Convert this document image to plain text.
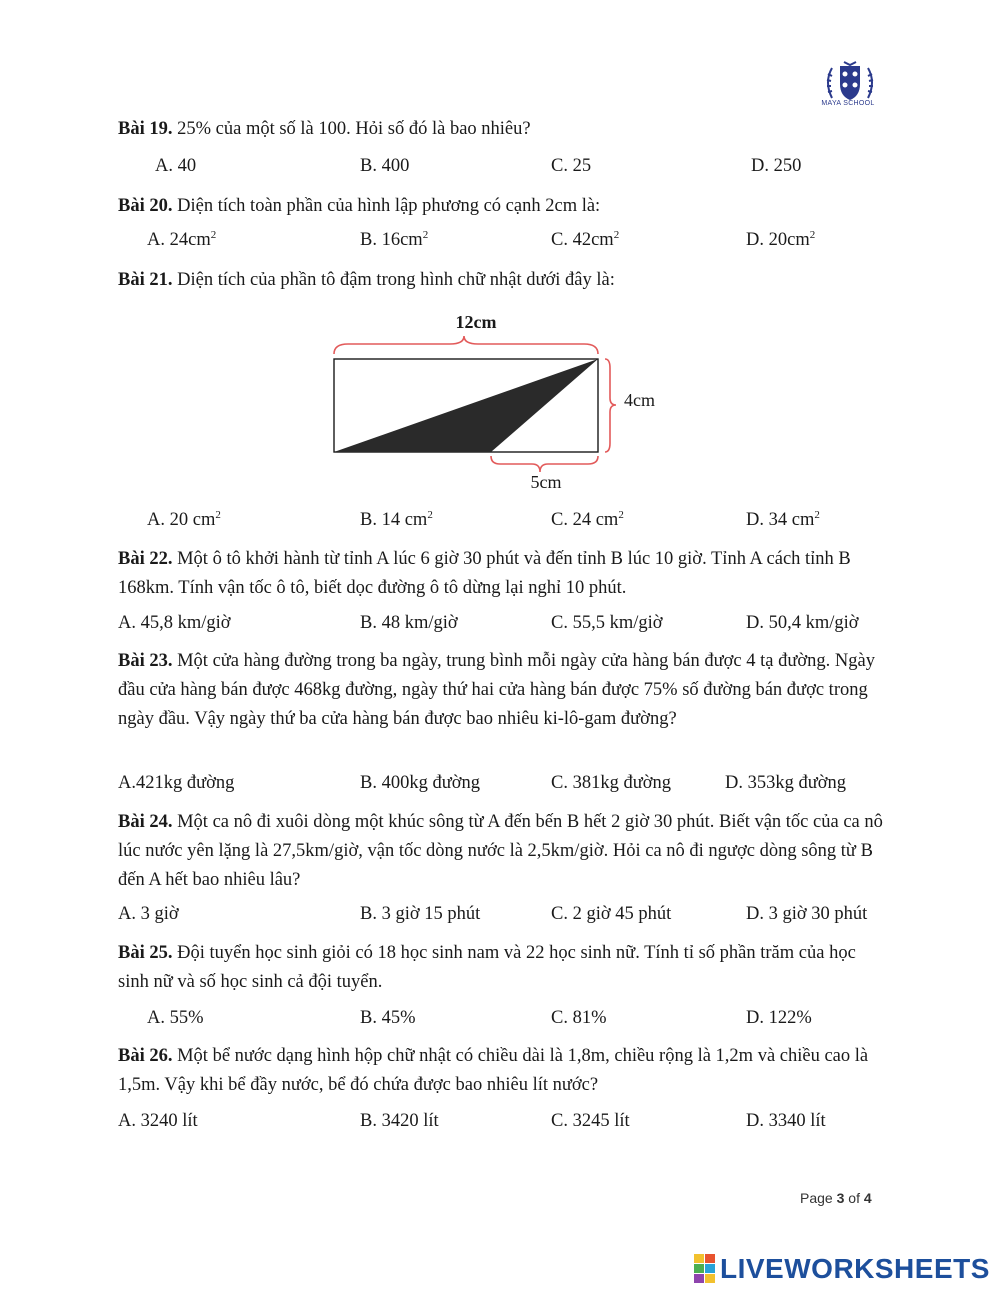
MAYA SCHOOL
Bài 19. 25% của một số là 100. Hỏi số đó là bao nhiêu?
A. 40	B. 400	C. 25	D. 250
Bài 20. Diện tích toàn phần của hình lập phương có cạnh 2cm là:
A. $24cm^2$	B. $16cm^2$	C. $42cm^2$	D. $20cm^2$
Bài 21. Diện tích của phần tô đậm trong hình chữ nhật dưới đây là:
12cm
4cm
5cm
A. 20 $cm^2$	B. 14 $cm^2$	C. 24 $cm^2$	D. 34 $cm^2$
Bài 22. Một ô tô khởi hành từ tỉnh A lúc 6 giờ 30 phút và đến tỉnh B lúc 10 giờ. Tỉnh A cách tỉnh B 168km. Tính vận tốc ô tô, biết dọc đường ô tô dừng lại nghỉ 10 phút.
A. 45,8 km/giờ	B. 48 km/giờ	C. 55,5 km/giờ	D. 50,4 km/giờ
Bài 23. Một cửa hàng đường trong ba ngày, trung bình mỗi ngày cửa hàng bán được 4 tạ đường. Ngày đầu cửa hàng bán được 468kg đường, ngày thứ hai cửa hàng bán được 75% số đường bán được trong ngày đầu. Vậy ngày thứ ba cửa hàng bán được bao nhiêu ki-lô-gam đường?
A.421kg đường	B. 400kg đường	C. 381kg đường	D. 353kg đường
Bài 24. Một ca nô đi xuôi dòng một khúc sông từ A đến bến B hết 2 giờ 30 phút. Biết vận tốc của ca nô lúc nước yên lặng là 27,5km/giờ, vận tốc dòng nước là 2,5km/giờ. Hỏi ca nô đi ngược dòng sông từ B đến A hết bao nhiêu lâu?
A. 3 giờ	B. 3 giờ 15 phút	C. 2 giờ 45 phút	D. 3 giờ 30 phút
Bài 25. Đội tuyển học sinh giỏi có 18 học sinh nam và 22 học sinh nữ. Tính tỉ số phần trăm của học sinh nữ và số học sinh cả đội tuyển.
A. 55%	B. 45%	C. 81%	D. 122%
Bài 26. Một bể nước dạng hình hộp chữ nhật có chiều dài là 1,8m, chiều rộng là 1,2m và chiều cao là 1,5m. Vậy khi bể đầy nước, bể đó chứa được bao nhiêu lít nước?
A. 3240 lít	B. 3420 lít	C. 3245 lít	D. 3340 lít
Page 3 of 4
LIVEWORKSHEETS
